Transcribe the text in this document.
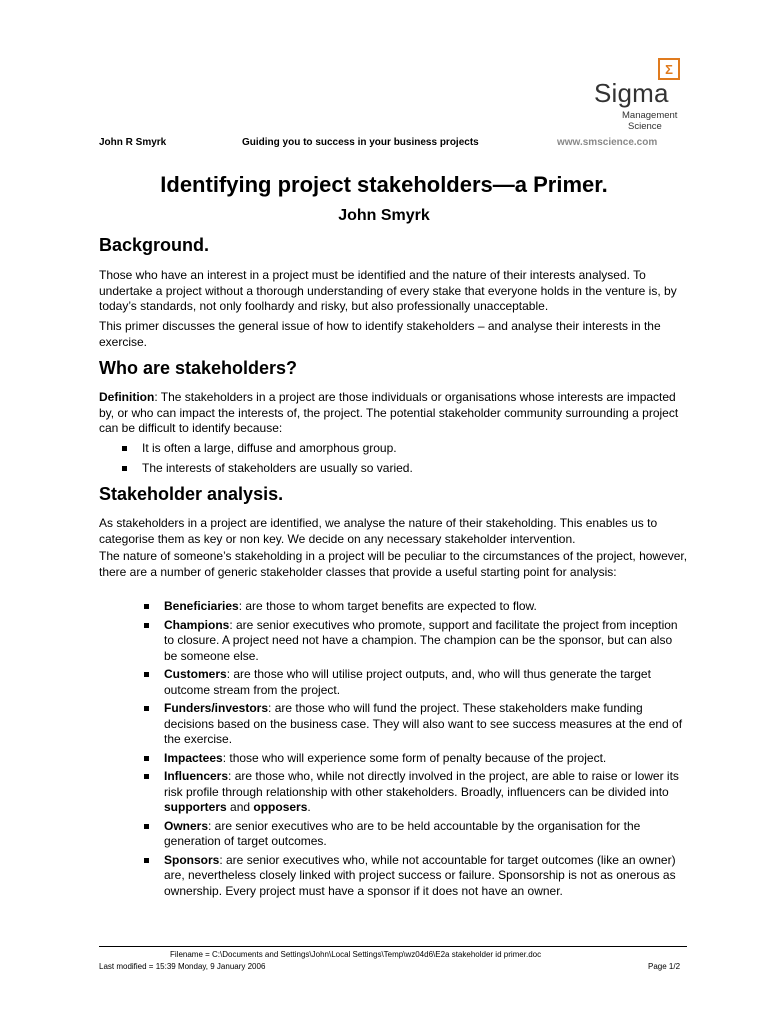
Σ
Sigma
Management
Science
John R Smyrk	Guiding you to success in your business projects	www.smscience.com
Identifying project stakeholders—a Primer.
John Smyrk
Background.
Those who have an interest in a project must be identified and the nature of their interests analysed. To undertake a project without a thorough understanding of every stake that everyone holds in the venture is, by today’s standards, not only foolhardy and risky, but also professionally unacceptable.
This primer discusses the general issue of how to identify stakeholders – and analyse their interests in the exercise.
Who are stakeholders?
Definition: The stakeholders in a project are those individuals or organisations whose interests are impacted by, or who can impact the interests of, the project. The potential stakeholder community surrounding a project can be difficult to identify because:
It is often a large, diffuse and amorphous group.
The interests of stakeholders are usually so varied.
Stakeholder analysis.
As stakeholders in a project are identified, we analyse the nature of their stakeholding. This enables us to categorise them as key or non key. We decide on any necessary stakeholder intervention.
The nature of someone’s stakeholding in a project will be peculiar to the circumstances of the project, however, there are a number of generic stakeholder classes that provide a useful starting point for analysis:
Beneficiaries: are those to whom target benefits are expected to flow.
Champions: are senior executives who promote, support and facilitate the project from inception to closure. A project need not have a champion. The champion can be the sponsor, but can also be someone else.
Customers: are those who will utilise project outputs, and, who will thus generate the target outcome stream from the project.
Funders/investors: are those who will fund the project. These stakeholders make funding decisions based on the business case. They will also want to see success measures at the end of the exercise.
Impactees: those who will experience some form of penalty because of the project.
Influencers: are those who, while not directly involved in the project, are able to raise or lower its risk profile through relationship with other stakeholders. Broadly, influencers can be divided into supporters and opposers.
Owners: are senior executives who are to be held accountable by the organisation for the generation of target outcomes.
Sponsors: are senior executives who, while not accountable for target outcomes (like an owner) are, nevertheless closely linked with project success or failure. Sponsorship is not as onerous as ownership. Every project must have a sponsor if it does not have an owner.
Filename = C:\Documents and Settings\John\Local Settings\Temp\wz04d6\E2a stakeholder id primer.doc
Last modified = 15:39 Monday, 9 January 2006	Page 1/2
